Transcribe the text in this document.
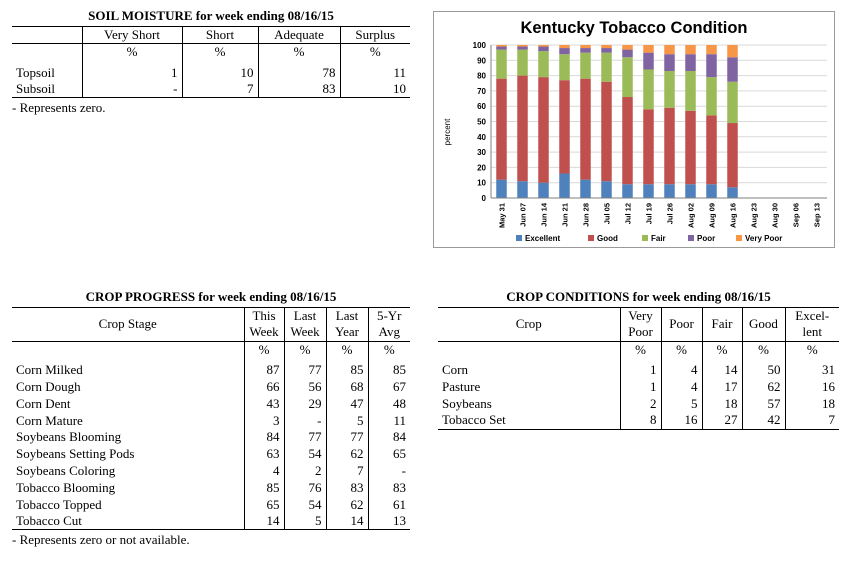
SOIL MOISTURE for week ending 08/16/15
	Very Short	Short	Adequate	Surplus
	%	%	%	%

Topsoil	1	10	78	11
Subsoil	-	7	83	10
- Represents zero.
Kentucky Tobacco Condition
percent
0
10
20
30
40
50
60
70
80
90
100
May 31 Jun 07 Jun 14 Jun 21 Jun 28 Jul 05 Jul 12 Jul 19 Jul 26 Aug 02 Aug 09 Aug 16 Aug 23 Aug 30 Sep 06 Sep 13
Excellent	Good	Fair	Poor	Very Poor
CROP PROGRESS for week ending 08/16/15
Crop Stage	This	Last	Last	5-Yr
	Week	Week	Year	Avg
	%	%	%	%

Corn Milked	87	77	85	85
Corn Dough	66	56	68	67
Corn Dent	43	29	47	48
Corn Mature	3	-	5	11
Soybeans Blooming	84	77	77	84
Soybeans Setting Pods	63	54	62	65
Soybeans Coloring	4	2	7	-
Tobacco Blooming	85	76	83	83
Tobacco Topped	65	54	62	61
Tobacco Cut	14	5	14	13
- Represents zero or not available.
CROP CONDITIONS for week ending 08/16/15
Crop	Very	Poor	Fair	Good	Excel-
	Poor				lent
	%	%	%	%	%

Corn	1	4	14	50	31
Pasture	1	4	17	62	16
Soybeans	2	5	18	57	18
Tobacco Set	8	16	27	42	7
